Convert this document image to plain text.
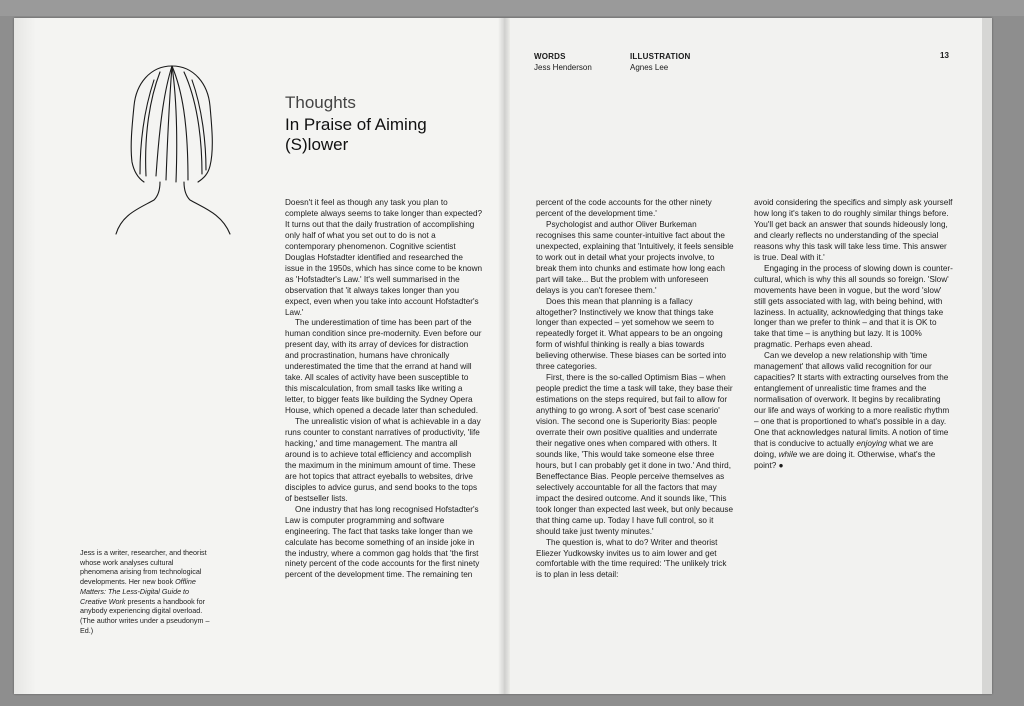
WORDS
Jess Henderson
ILLUSTRATION
Agnes Lee
13
Thoughts
In Praise of Aiming (S)lower

Doesn't it feel as though any task you plan to complete always seems to take longer than expected? It turns out that the daily frustration of accomplishing only half of what you set out to do is not a contemporary phenomenon. Cognitive scientist Douglas Hofstadter identified and researched the issue in the 1950s, which has since come to be known as 'Hofstadter's Law.' It's well summarised in the observation that 'it always takes longer than you expect, even when you take into account Hofstadter's Law.'

The underestimation of time has been part of the human condition since pre-modernity. Even before our present day, with its array of devices for distraction and procrastination, humans have chronically underestimated the time that the errand at hand will take. All scales of activity have been susceptible to this miscalculation, from small tasks like writing a letter, to bigger feats like building the Sydney Opera House, which opened a decade later than scheduled.

The unrealistic vision of what is achievable in a day runs counter to constant narratives of productivity, 'life hacking,' and time management. The mantra all around is to achieve total efficiency and accomplish the maximum in the minimum amount of time. These are hot topics that attract eyeballs to websites, drive disciples to advice gurus, and send books to the tops of bestseller lists.

One industry that has long recognised Hofstadter's Law is computer programming and software engineering. The fact that tasks take longer than we calculate has become something of an inside joke in the industry, where a common gag holds that 'the first ninety percent of the code accounts for the first ninety percent of the development time. The remaining ten

percent of the code accounts for the other ninety percent of the development time.'

Psychologist and author Oliver Burkeman recognises this same counter-intuitive fact about the unexpected, explaining that 'Intuitively, it feels sensible to work out in detail what your projects involve, to break them into chunks and estimate how long each part will take... But the problem with unforeseen delays is you can't foresee them.'

Does this mean that planning is a fallacy altogether? Instinctively we know that things take longer than expected – yet somehow we seem to repeatedly forget it. What appears to be an ongoing form of wishful thinking is really a bias towards believing otherwise. These biases can be sorted into three categories.

First, there is the so-called Optimism Bias – when people predict the time a task will take, they base their estimations on the steps required, but fail to allow for anything to go wrong. A sort of 'best case scenario' vision. The second one is Superiority Bias: people overrate their own positive qualities and underrate their negative ones when compared with others. It sounds like, 'This would take someone else three hours, but I can probably get it done in two.' And third, Beneffectance Bias. People perceive themselves as selectively accountable for all the factors that may impact the desired outcome. And it sounds like, 'This took longer than expected last week, but only because that thing came up. Today I have full control, so it should take just twenty minutes.'

The question is, what to do? Writer and theorist Eliezer Yudkowsky invites us to aim lower and get comfortable with the time required: 'The unlikely trick is to plan in less detail:

avoid considering the specifics and simply ask yourself how long it's taken to do roughly similar things before. You'll get back an answer that sounds hideously long, and clearly reflects no understanding of the special reasons why this task will take less time. This answer is true. Deal with it.'

Engaging in the process of slowing down is counter-cultural, which is why this all sounds so foreign. 'Slow' movements have been in vogue, but the word 'slow' still gets associated with lag, with being behind, with laziness. In actuality, acknowledging that things take longer than we prefer to think – and that it is OK to take that time – is anything but lazy. It is 100% pragmatic. Perhaps even ahead.

Can we develop a new relationship with 'time management' that allows valid recognition for our capacities? It starts with extracting ourselves from the entanglement of unrealistic time frames and the normalisation of overwork. It begins by recalibrating our life and ways of working to a more realistic rhythm – one that is proportioned to what's possible in a day. One that acknowledges natural limits. A notion of time that is conducive to actually enjoying what we are doing, while we are doing it. Otherwise, what's the point? ●

Jess is a writer, researcher, and theorist whose work analyses cultural phenomena arising from technological developments. Her new book Offline Matters: The Less-Digital Guide to Creative Work presents a handbook for anybody experiencing digital overload. (The author writes under a pseudonym – Ed.)
